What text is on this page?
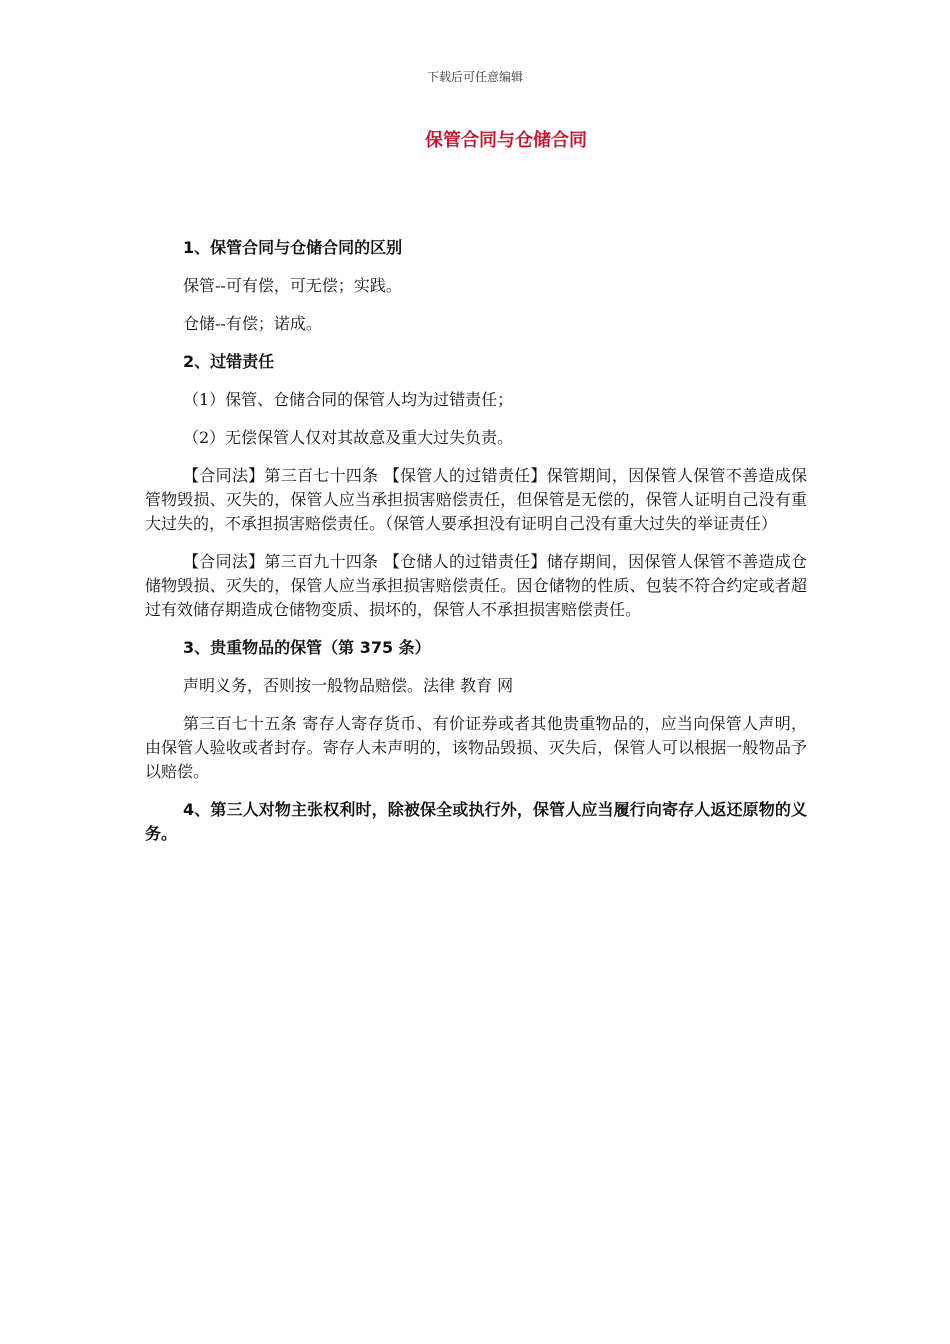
下载后可任意编辑
保管合同与仓储合同
1、保管合同与仓储合同的区别
保管--可有偿，可无偿；实践。
仓储--有偿；诺成。
2、过错责任
（1）保管、仓储合同的保管人均为过错责任；
（2）无偿保管人仅对其故意及重大过失负责。
【合同法】第三百七十四条 【保管人的过错责任】保管期间，因保管人保管不善造成保管物毁损、灭失的，保管人应当承担损害赔偿责任，但保管是无偿的，保管人证明自己没有重大过失的，不承担损害赔偿责任。（保管人要承担没有证明自己没有重大过失的举证责任）
【合同法】第三百九十四条 【仓储人的过错责任】储存期间，因保管人保管不善造成仓储物毁损、灭失的，保管人应当承担损害赔偿责任。因仓储物的性质、包装不符合约定或者超过有效储存期造成仓储物变质、损坏的，保管人不承担损害赔偿责任。
3、贵重物品的保管（第 375 条）
声明义务，否则按一般物品赔偿。法律 教育 网
第三百七十五条 寄存人寄存货币、有价证券或者其他贵重物品的，应当向保管人声明，由保管人验收或者封存。寄存人未声明的，该物品毁损、灭失后，保管人可以根据一般物品予以赔偿。
4、第三人对物主张权利时，除被保全或执行外，保管人应当履行向寄存人返还原物的义务。
